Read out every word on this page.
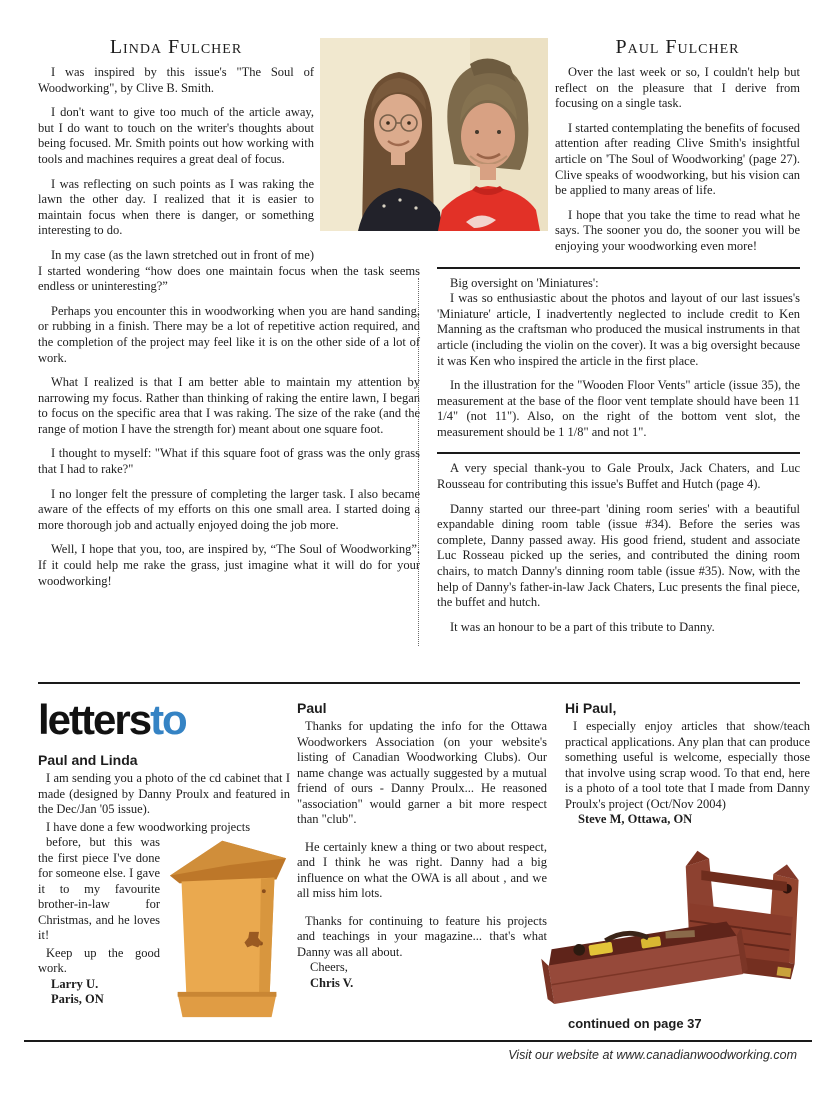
Linda Fulcher

I was inspired by this issue's "The Soul of Woodworking", by Clive B. Smith.

I don't want to give too much of the article away, but I do want to touch on the writer's thoughts about being focused. Mr. Smith points out how working with tools and machines requires a great deal of focus.

I was reflecting on such points as I was raking the lawn the other day. I realized that it is easier to maintain focus when there is danger, or something interesting to do.

In my case (as the lawn stretched out in front of me) I started wondering “how does one maintain focus when the task seems endless or uninteresting?”

Perhaps you encounter this in woodworking when you are hand sanding, or rubbing in a finish. There may be a lot of repetitive action required, and the completion of the project may feel like it is on the other side of a lot of work.

What I realized is that I am better able to maintain my attention by narrowing my focus. Rather than thinking of raking the entire lawn, I began to focus on the specific area that I was raking. The size of the rake (and the range of motion I have the strength for) meant about one square foot.

I thought to myself: "What if this square foot of grass was the only grass that I had to rake?"

I no longer felt the pressure of completing the larger task. I also became aware of the effects of my efforts on this one small area. I started doing a more thorough job and actually enjoyed doing the job more.

Well, I hope that you, too, are inspired by, “The Soul of Woodworking”. If it could help me rake the grass, just imagine what it will do for your woodworking!

Paul Fulcher

Over the last week or so, I couldn't help but reflect on the pleasure that I derive from focusing on a single task.

I started contemplating the benefits of focused attention after reading Clive Smith's insightful article on 'The Soul of Woodworking' (page 27). Clive speaks of woodworking, but his vision can be applied to many areas of life.

I hope that you take the time to read what he says. The sooner you do, the sooner you will be enjoying your woodworking even more!

Big oversight on 'Miniatures':

I was so enthusiastic about the photos and layout of our last issues's 'Miniature' article, I inadvertently neglected to include credit to Ken Manning as the craftsman who produced the musical instruments in that article (including the violin on the cover). It was a big oversight because it was Ken who inspired the article in the first place.

In the illustration for the "Wooden Floor Vents" article (issue 35), the measurement at the base of the floor vent template should have been 11 1/4" (not 11"). Also, on the right of the bottom vent slot, the measurement should be 1 1/8" and not 1".

A very special thank-you to Gale Proulx, Jack Chaters, and Luc Rousseau for contributing this issue's Buffet and Hutch (page 4).

Danny started our three-part 'dining room series' with a beautiful expandable dining room table (issue #34). Before the series was complete, Danny passed away. His good friend, student and associate Luc Rosseau picked up the series, and contributed the dining room chairs, to match Danny's dinning room table (issue #35). Now, with the help of Danny's father-in-law Jack Chaters, Luc presents the final piece, the buffet and hutch.

It was an honour to be a part of this tribute to Danny.

lettersto
Paul and Linda

I am sending you a photo of the cd cabinet that I made (designed by Danny Proulx and featured in the Dec/Jan '05 issue).

I have done a few woodworking projects

before, but this was the first piece I've done for someone else. I gave it to my favourite brother-in-law for Christmas, and he loves it!

Keep up the good work.

Larry U.
Paris, ON
Paul

Thanks for updating the info for the Ottawa Woodworkers Association (on your website's listing of Canadian Woodworking Clubs). Our name change was actually suggested by a mutual friend of ours - Danny Proulx... He reasoned "association" would garner a bit more respect than "club".

He certainly knew a thing or two about respect, and I think he was right. Danny had a big influence on what the OWA is all about , and we all miss him lots.

Thanks for continuing to feature his projects and teachings in your magazine... that's what Danny was all about.

Cheers,
Chris V.
Hi Paul,

I especially enjoy articles that show/teach practical applications. Any plan that can produce something useful is welcome, especially those that involve using scrap wood. To that end, here is a photo of a tool tote that I made from Danny Proulx's project (Oct/Nov 2004)

Steve M, Ottawa, ON
continued on page 37
Visit our website at www.canadianwoodworking.com
